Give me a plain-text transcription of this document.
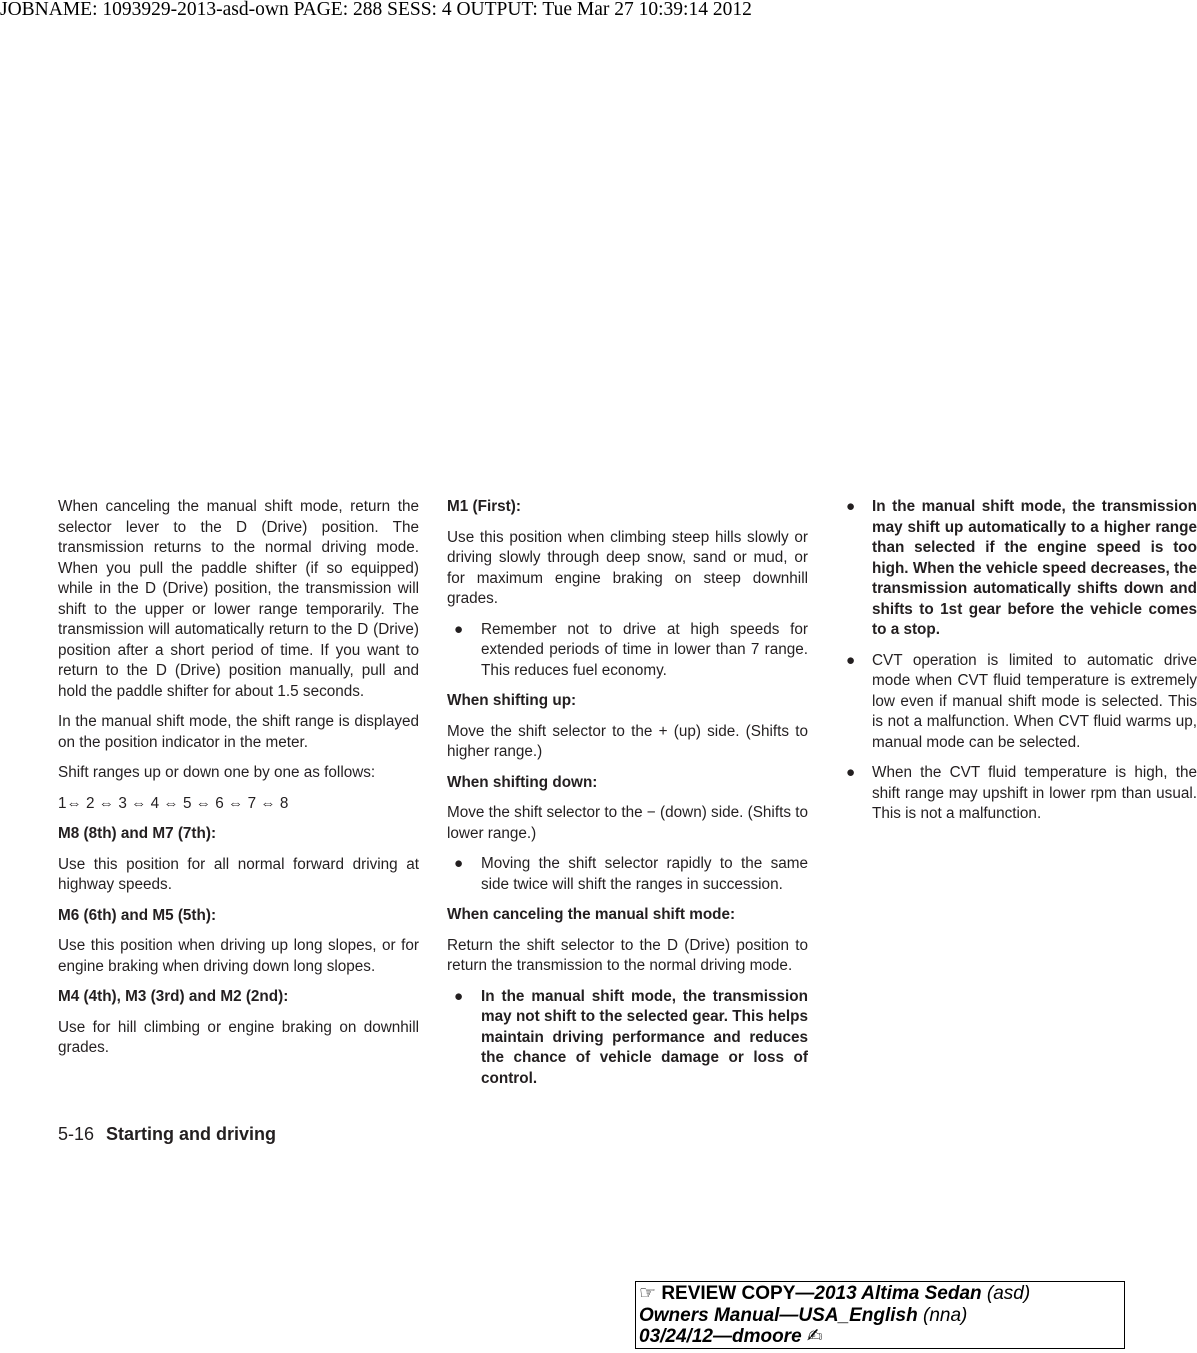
JOBNAME: 1093929-2013-asd-own PAGE: 288 SESS: 4 OUTPUT: Tue Mar 27 10:39:14 2012

When canceling the manual shift mode, return the selector lever to the D (Drive) position. The transmission returns to the normal driving mode. When you pull the paddle shifter (if so equipped) while in the D (Drive) position, the transmission will shift to the upper or lower range temporarily. The transmission will automatically return to the D (Drive) position after a short period of time. If you want to return to the D (Drive) position manually, pull and hold the paddle shifter for about 1.5 seconds.

In the manual shift mode, the shift range is displayed on the position indicator in the meter.

Shift ranges up or down one by one as follows:

1⇔ 2 ⇔ 3 ⇔ 4 ⇔ 5 ⇔ 6 ⇔ 7 ⇔ 8

M8 (8th) and M7 (7th):

Use this position for all normal forward driving at highway speeds.

M6 (6th) and M5 (5th):

Use this position when driving up long slopes, or for engine braking when driving down long slopes.

M4 (4th), M3 (3rd) and M2 (2nd):

Use for hill climbing or engine braking on downhill grades.

M1 (First):

Use this position when climbing steep hills slowly or driving slowly through deep snow, sand or mud, or for maximum engine braking on steep downhill grades.

● Remember not to drive at high speeds for extended periods of time in lower than 7 range. This reduces fuel economy.

When shifting up:

Move the shift selector to the + (up) side. (Shifts to higher range.)

When shifting down:

Move the shift selector to the − (down) side. (Shifts to lower range.)

● Moving the shift selector rapidly to the same side twice will shift the ranges in succession.

When canceling the manual shift mode:

Return the shift selector to the D (Drive) position to return the transmission to the normal driving mode.

● In the manual shift mode, the transmission may not shift to the selected gear. This helps maintain driving performance and reduces the chance of vehicle damage or loss of control.
● In the manual shift mode, the transmission may shift up automatically to a higher range than selected if the engine speed is too high. When the vehicle speed decreases, the transmission automatically shifts down and shifts to 1st gear before the vehicle comes to a stop.
● CVT operation is limited to automatic drive mode when CVT fluid temperature is extremely low even if manual shift mode is selected. This is not a malfunction. When CVT fluid warms up, manual mode can be selected.
● When the CVT fluid temperature is high, the shift range may upshift in lower rpm than usual. This is not a malfunction.
5-16 Starting and driving
☞ REVIEW COPY—2013 Altima Sedan (asd)
Owners Manual—USA_English (nna)
03/24/12—dmoore ✍
